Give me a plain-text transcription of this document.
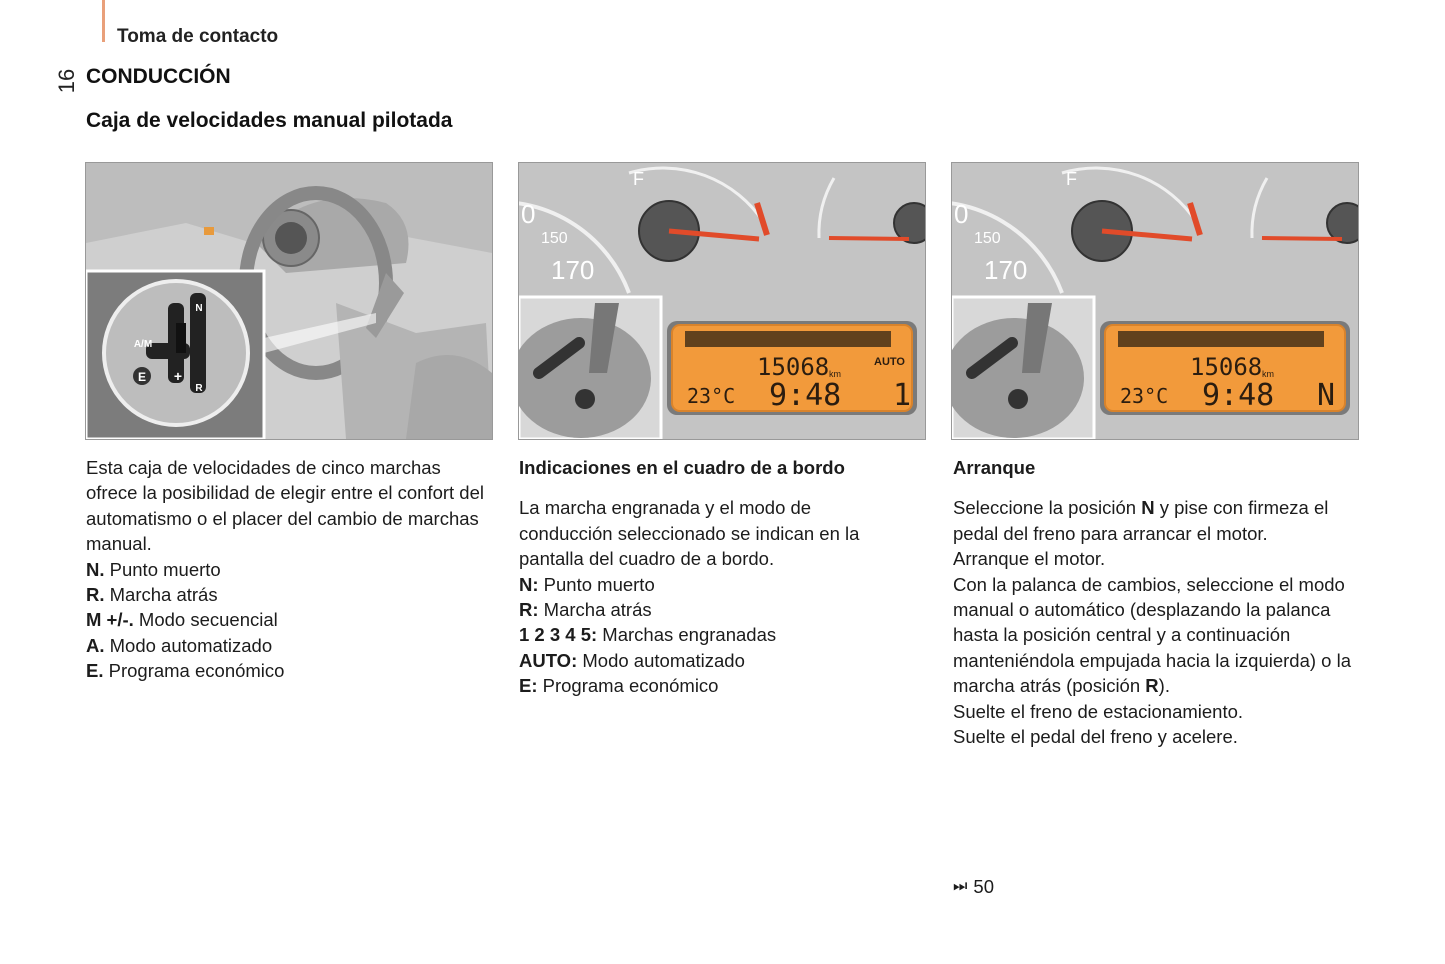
Toma de contacto
16 CONDUCCIÓN
Caja de velocidades manual pilotada
E +
N
R
A/M
0
150
170
F
15068 km
AUTO
23°C 9:48 1
0
150
170
F
15068 km
23°C 9:48 N

Esta caja de velocidades de cinco marchas ofrece la posibilidad de elegir entre el confort del automatismo o el placer del cambio de marchas manual.

N. Punto muerto

R. Marcha atrás

M +/-. Modo secuencial

A. Modo automatizado

E. Programa económico

Indicaciones en el cuadro de a bordo

La marcha engranada y el modo de conducción seleccionado se indican en la pantalla del cuadro de a bordo.

N: Punto muerto

R: Marcha atrás

1 2 3 4 5: Marchas engranadas

AUTO: Modo automatizado

E: Programa económico

Arranque

Seleccione la posición N y pise con firmeza el pedal del freno para arrancar el motor.

Arranque el motor.

Con la palanca de cambios, seleccione el modo manual o automático (desplazando la palanca hasta la posición central y a continuación manteniéndola empujada hacia la izquierda) o la marcha atrás (posición R).

Suelte el freno de estacionamiento.

Suelte el pedal del freno y acelere.

⏭ 50
